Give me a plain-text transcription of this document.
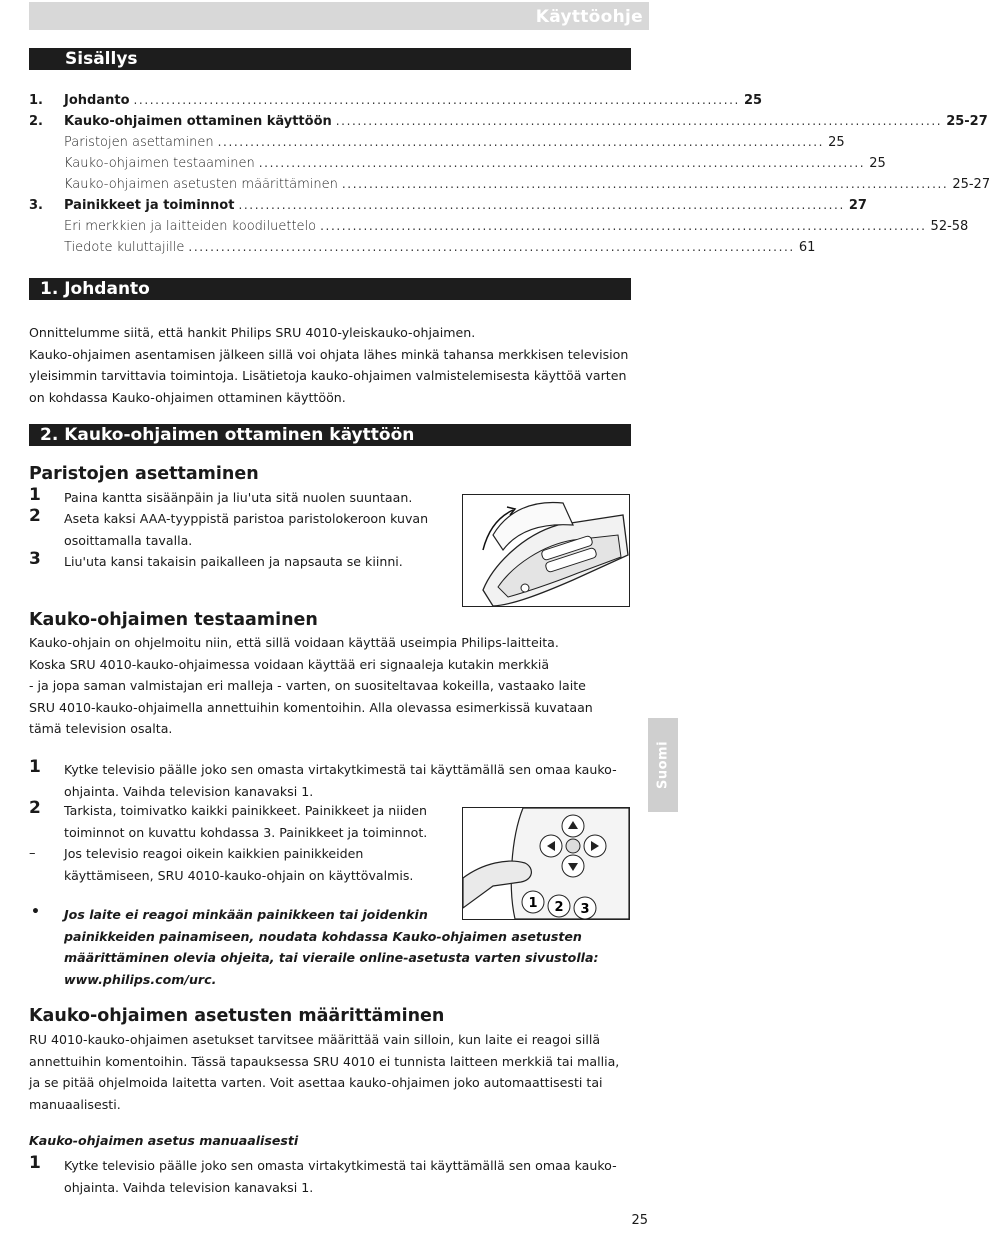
Käyttöohje
Sisällys
1.	Johdanto ................................................................................................................ 25
2.	Kauko-ohjaimen ottaminen käyttöön ................................................................................................................ 25-27
Paristojen asettaminen ................................................................................................................ 25
Kauko-ohjaimen testaaminen ................................................................................................................ 25
Kauko-ohjaimen asetusten määrittäminen ................................................................................................................ 25-27
3.	Painikkeet ja toiminnot ................................................................................................................ 27
Eri merkkien ja laitteiden koodiluettelo ................................................................................................................ 52-58
Tiedote kuluttajille ................................................................................................................ 61
1. Johdanto
Onnittelumme siitä, että hankit Philips SRU 4010-yleiskauko-ohjaimen.
Kauko-ohjaimen asentamisen jälkeen sillä voi ohjata lähes minkä tahansa merkkisen television
yleisimmin tarvittavia toimintoja. Lisätietoja kauko-ohjaimen valmistelemisesta käyttöä varten
on kohdassa Kauko-ohjaimen ottaminen käyttöön.
2. Kauko-ohjaimen ottaminen käyttöön
Paristojen asettaminen
1 Paina kantta sisäänpäin ja liu'uta sitä nuolen suuntaan.
2 Aseta kaksi AAA-tyyppistä paristoa paristolokeroon kuvan
osoittamalla tavalla.
3 Liu'uta kansi takaisin paikalleen ja napsauta se kiinni.
Kauko-ohjaimen testaaminen
Kauko-ohjain on ohjelmoitu niin, että sillä voidaan käyttää useimpia Philips-laitteita.
Koska SRU 4010-kauko-ohjaimessa voidaan käyttää eri signaaleja kutakin merkkiä
- ja jopa saman valmistajan eri malleja - varten, on suositeltavaa kokeilla, vastaako laite
SRU 4010-kauko-ohjaimella annettuihin komentoihin. Alla olevassa esimerkissä kuvataan
tämä television osalta.
1 Kytke televisio päälle joko sen omasta virtakytkimestä tai käyttämällä sen omaa kauko-
ohjainta. Vaihda television kanavaksi 1.
2 Tarkista, toimivatko kaikki painikkeet. Painikkeet ja niiden
toiminnot on kuvattu kohdassa 3. Painikkeet ja toiminnot.
– Jos televisio reagoi oikein kaikkien painikkeiden
käyttämiseen, SRU 4010-kauko-ohjain on käyttövalmis.
1 2 3
• Jos laite ei reagoi minkään painikkeen tai joidenkin
painikkeiden painamiseen, noudata kohdassa Kauko-ohjaimen asetusten
määrittäminen olevia ohjeita, tai vieraile online-asetusta varten sivustolla:
www.philips.com/urc.
Kauko-ohjaimen asetusten määrittäminen
RU 4010-kauko-ohjaimen asetukset tarvitsee määrittää vain silloin, kun laite ei reagoi sillä
annettuihin komentoihin. Tässä tapauksessa SRU 4010 ei tunnista laitteen merkkiä tai mallia,
ja se pitää ohjelmoida laitetta varten. Voit asettaa kauko-ohjaimen joko automaattisesti tai
manuaalisesti.
Kauko-ohjaimen asetus manuaalisesti
1 Kytke televisio päälle joko sen omasta virtakytkimestä tai käyttämällä sen omaa kauko-
ohjainta. Vaihda television kanavaksi 1.
Suomi
25
